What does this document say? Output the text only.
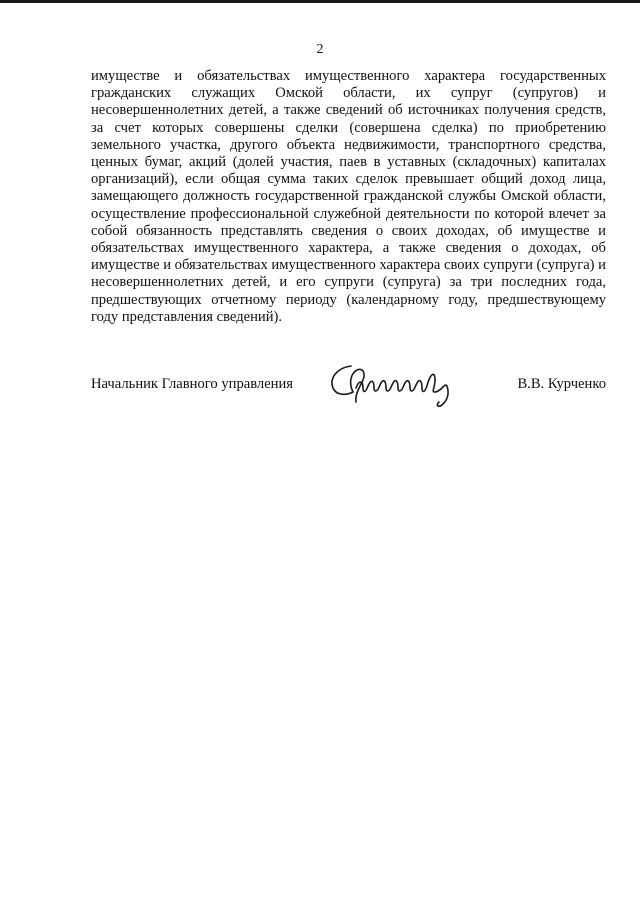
2

имуществе и обязательствах имущественного характера государственных гражданских служащих Омской области, их супруг (супругов) и несовершеннолетних детей, а также сведений об источниках получения средств, за счет которых совершены сделки (совершена сделка) по приобретению земельного участка, другого объекта недвижимости, транспортного средства, ценных бумаг, акций (долей участия, паев в уставных (складочных) капиталах организаций), если общая сумма таких сделок превышает общий доход лица, замещающего должность государственной гражданской службы Омской области, осуществление профессиональной служебной деятельности по которой влечет за собой обязанность представлять сведения о своих доходах, об имуществе и обязательствах имущественного характера, а также сведения о доходах, об имуществе и обязательствах имущественного характера своих супруги (супруга) и несовершеннолетних детей, и его супруги (супруга) за три последних года, предшествующих отчетному периоду (календарному году, предшествующему году представления сведений).

Начальник Главного управления	В.В. Курченко
